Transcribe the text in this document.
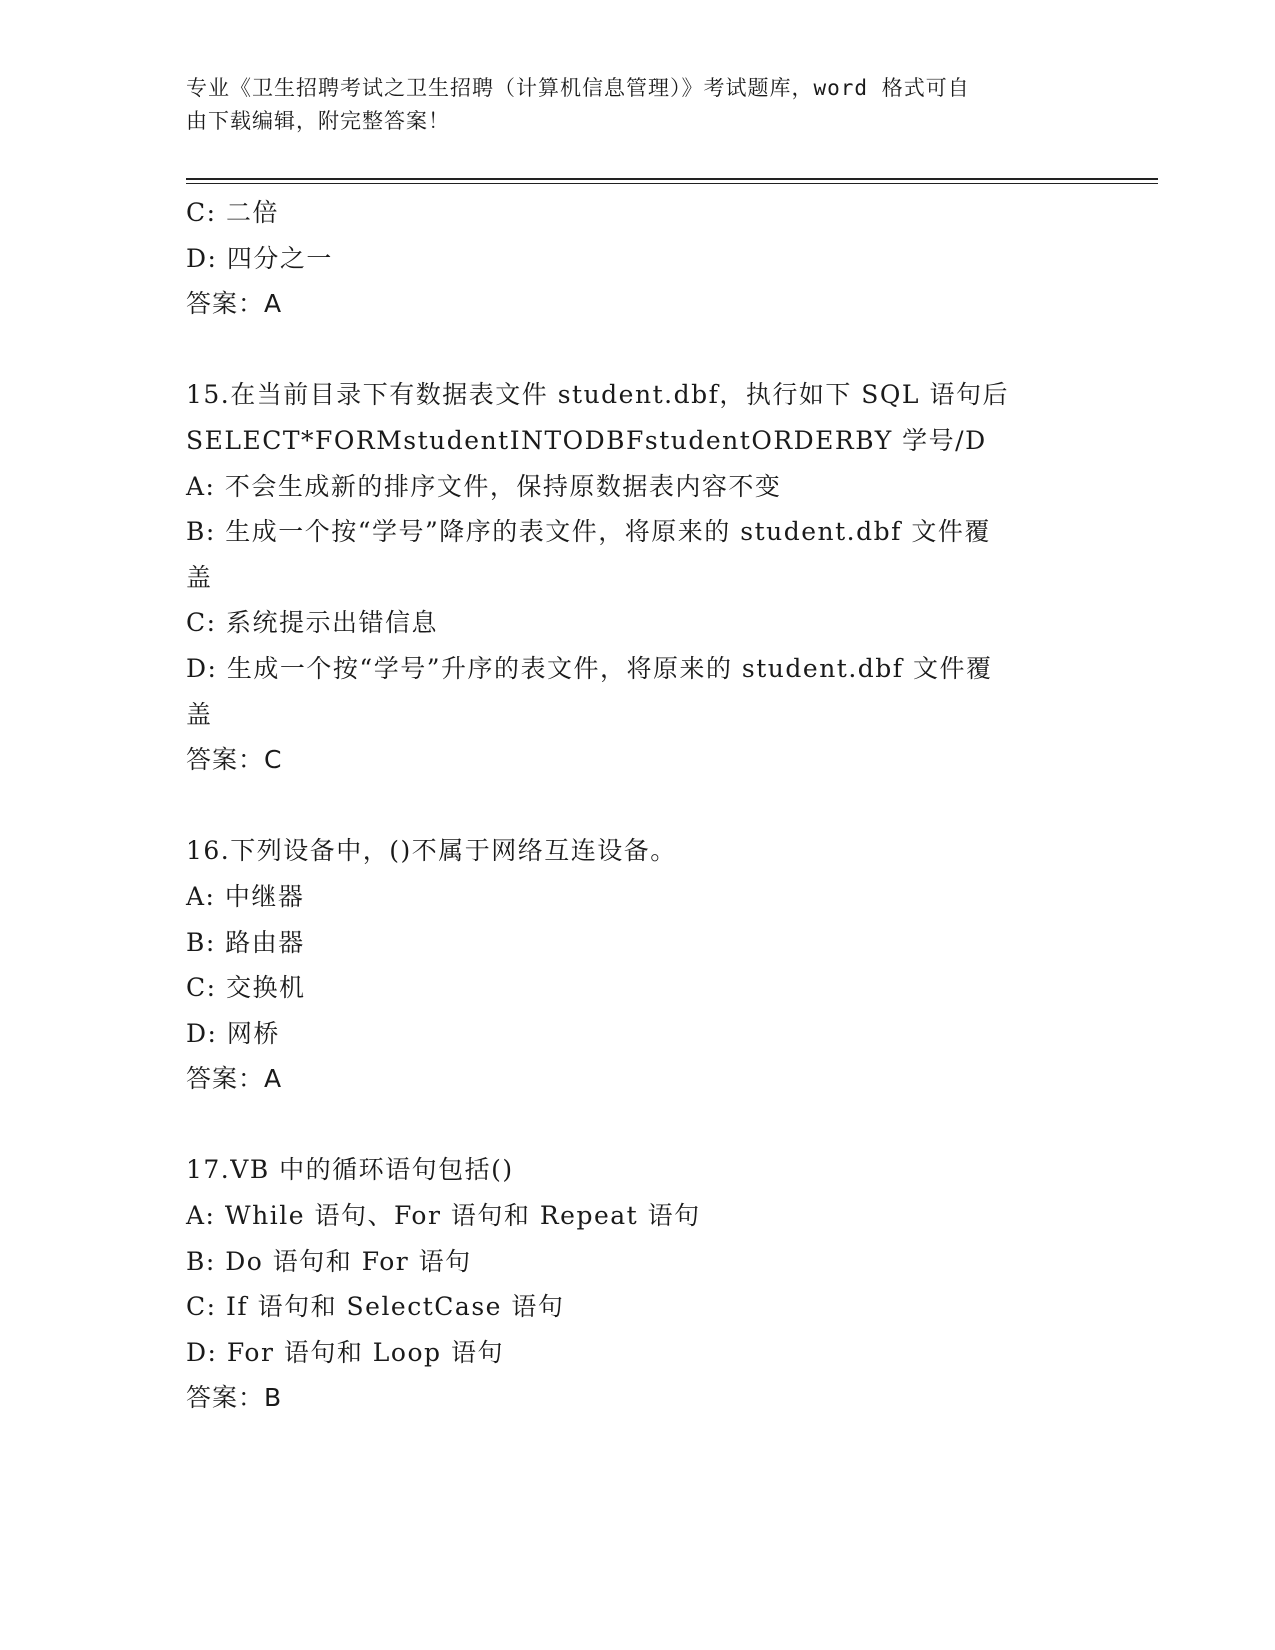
专业《卫生招聘考试之卫生招聘（计算机信息管理）》考试题库，word 格式可自
由下载编辑，附完整答案！
C: 二倍
D: 四分之一
答案：A
15.在当前目录下有数据表文件 student.dbf，执行如下 SQL 语句后
SELECT*FORMstudentINTODBFstudentORDERBY 学号/D
A: 不会生成新的排序文件，保持原数据表内容不变
B: 生成一个按“学号”降序的表文件，将原来的 student.dbf 文件覆
盖
C: 系统提示出错信息
D: 生成一个按“学号”升序的表文件，将原来的 student.dbf 文件覆
盖
答案：C
16.下列设备中，()不属于网络互连设备。
A: 中继器
B: 路由器
C: 交换机
D: 网桥
答案：A
17.VB 中的循环语句包括()
A: While 语句、For 语句和 Repeat 语句
B: Do 语句和 For 语句
C: If 语句和 SelectCase 语句
D: For 语句和 Loop 语句
答案：B
